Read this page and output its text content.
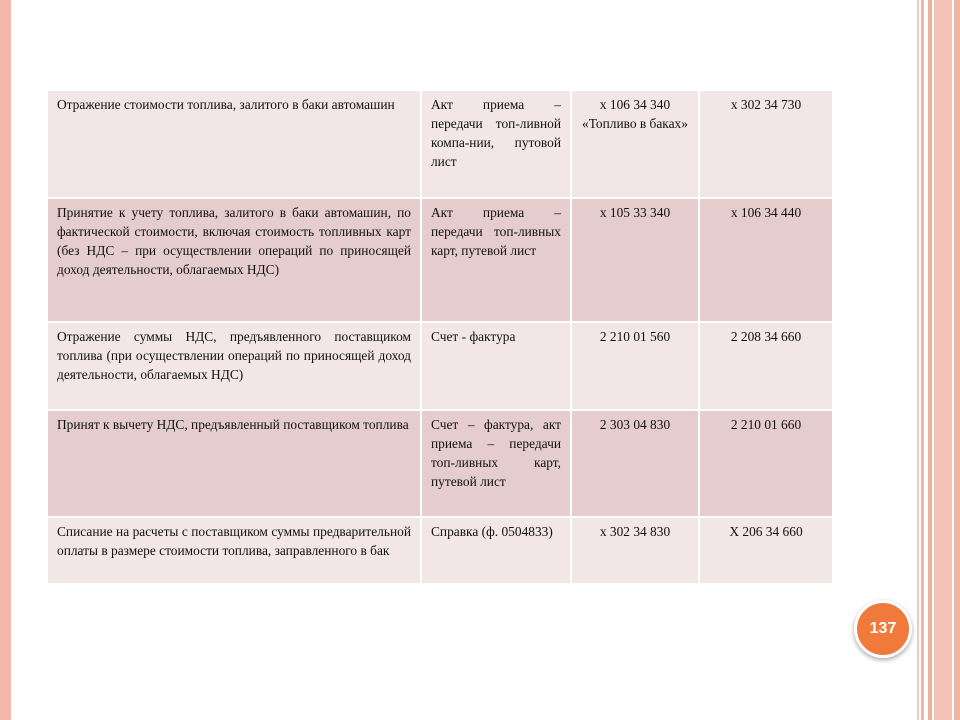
Отражение стоимости топлива, залитого в баки автомашин	Акт приема – передачи топ-ливной компа-нии, путовой лист	х 106 34 340 «Топливо в баках»	х 302 34 730
Принятие к учету топлива, залитого в баки автомашин, по фактической стоимости, включая стоимость топливных карт (без НДС – при осуществлении операций по приносящей доход деятельности, облагаемых НДС)	Акт приема – передачи топ-ливных карт, путевой лист	х 105 33 340	х 106 34 440
Отражение суммы НДС, предъявленного поставщиком топлива (при осуществлении операций по приносящей доход деятельности, облагаемых НДС)	Счет - фактура	2 210 01 560	2 208 34 660
Принят к вычету НДС, предъявленный поставщиком топлива	Счет – фактура, акт приема – передачи топ-ливных карт, путевой лист	2 303 04 830	2 210 01 660
Списание на расчеты с поставщиком суммы предварительной оплаты в размере стоимости топлива, заправленного в бак	Справка (ф. 0504833)	х 302 34 830	Х 206 34 660
137
